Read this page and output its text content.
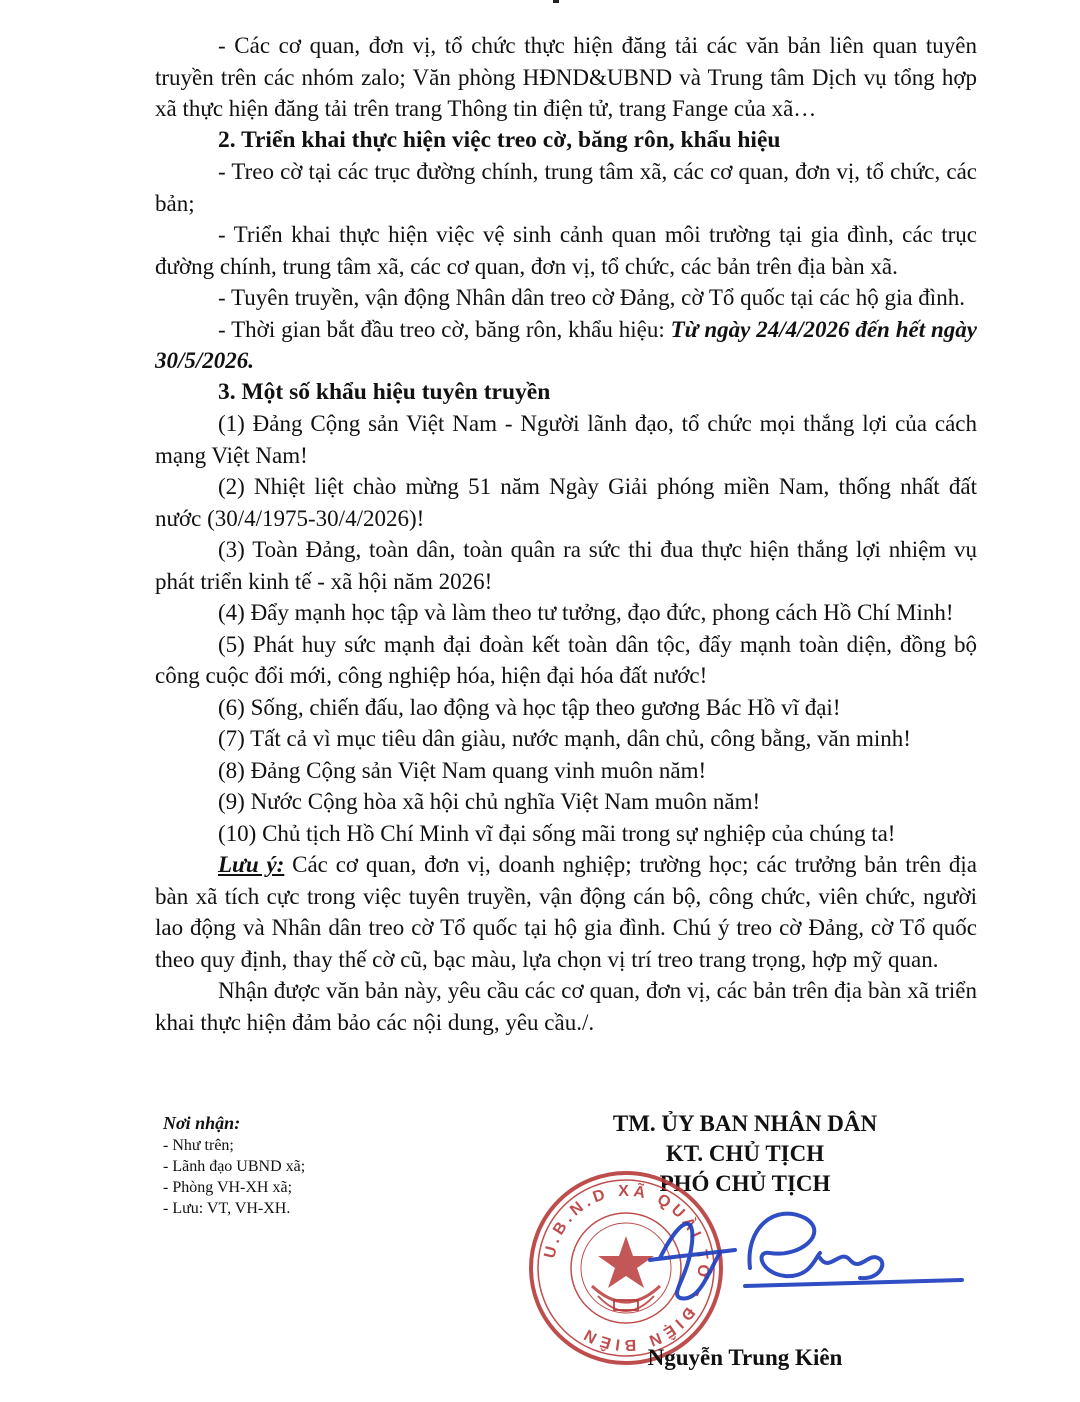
- Các cơ quan, đơn vị, tổ chức thực hiện đăng tải các văn bản liên quan tuyên truyền trên các nhóm zalo; Văn phòng HĐND&UBND và Trung tâm Dịch vụ tổng hợp xã thực hiện đăng tải trên trang Thông tin điện tử, trang Fange của xã…

2. Triển khai thực hiện việc treo cờ, băng rôn, khẩu hiệu

- Treo cờ tại các trục đường chính, trung tâm xã, các cơ quan, đơn vị, tổ chức, các bản;

- Triển khai thực hiện việc vệ sinh cảnh quan môi trường tại gia đình, các trục đường chính, trung tâm xã, các cơ quan, đơn vị, tổ chức, các bản trên địa bàn xã.

- Tuyên truyền, vận động Nhân dân treo cờ Đảng, cờ Tổ quốc tại các hộ gia đình.

- Thời gian bắt đầu treo cờ, băng rôn, khẩu hiệu: Từ ngày 24/4/2026 đến hết ngày 30/5/2026.

3. Một số khẩu hiệu tuyên truyền

(1) Đảng Cộng sản Việt Nam - Người lãnh đạo, tổ chức mọi thắng lợi của cách mạng Việt Nam!

(2) Nhiệt liệt chào mừng 51 năm Ngày Giải phóng miền Nam, thống nhất đất nước (30/4/1975-30/4/2026)!

(3) Toàn Đảng, toàn dân, toàn quân ra sức thi đua thực hiện thắng lợi nhiệm vụ phát triển kinh tế - xã hội năm 2026!

(4) Đẩy mạnh học tập và làm theo tư tưởng, đạo đức, phong cách Hồ Chí Minh!

(5) Phát huy sức mạnh đại đoàn kết toàn dân tộc, đẩy mạnh toàn diện, đồng bộ công cuộc đổi mới, công nghiệp hóa, hiện đại hóa đất nước!

(6) Sống, chiến đấu, lao động và học tập theo gương Bác Hồ vĩ đại!

(7) Tất cả vì mục tiêu dân giàu, nước mạnh, dân chủ, công bằng, văn minh!

(8) Đảng Cộng sản Việt Nam quang vinh muôn năm!

(9) Nước Cộng hòa xã hội chủ nghĩa Việt Nam muôn năm!

(10) Chủ tịch Hồ Chí Minh vĩ đại sống mãi trong sự nghiệp của chúng ta!

Lưu ý: Các cơ quan, đơn vị, doanh nghiệp; trường học; các trưởng bản trên địa bàn xã tích cực trong việc tuyên truyền, vận động cán bộ, công chức, viên chức, người lao động và Nhân dân treo cờ Tổ quốc tại hộ gia đình. Chú ý treo cờ Đảng, cờ Tổ quốc theo quy định, thay thế cờ cũ, bạc màu, lựa chọn vị trí treo trang trọng, hợp mỹ quan.

Nhận được văn bản này, yêu cầu các cơ quan, đơn vị, các bản trên địa bàn xã triển khai thực hiện đảm bảo các nội dung, yêu cầu./.

Nơi nhận:
- Như trên;
- Lãnh đạo UBND xã;
- Phòng VH-XH xã;
- Lưu: VT, VH-XH.
TM. ỦY BAN NHÂN DÂN
KT. CHỦ TỊCH
PHÓ CHỦ TỊCH
U.B.N.D XÃ QUÀI TỞ - ĐIỆN BIÊN
Nguyễn Trung Kiên
